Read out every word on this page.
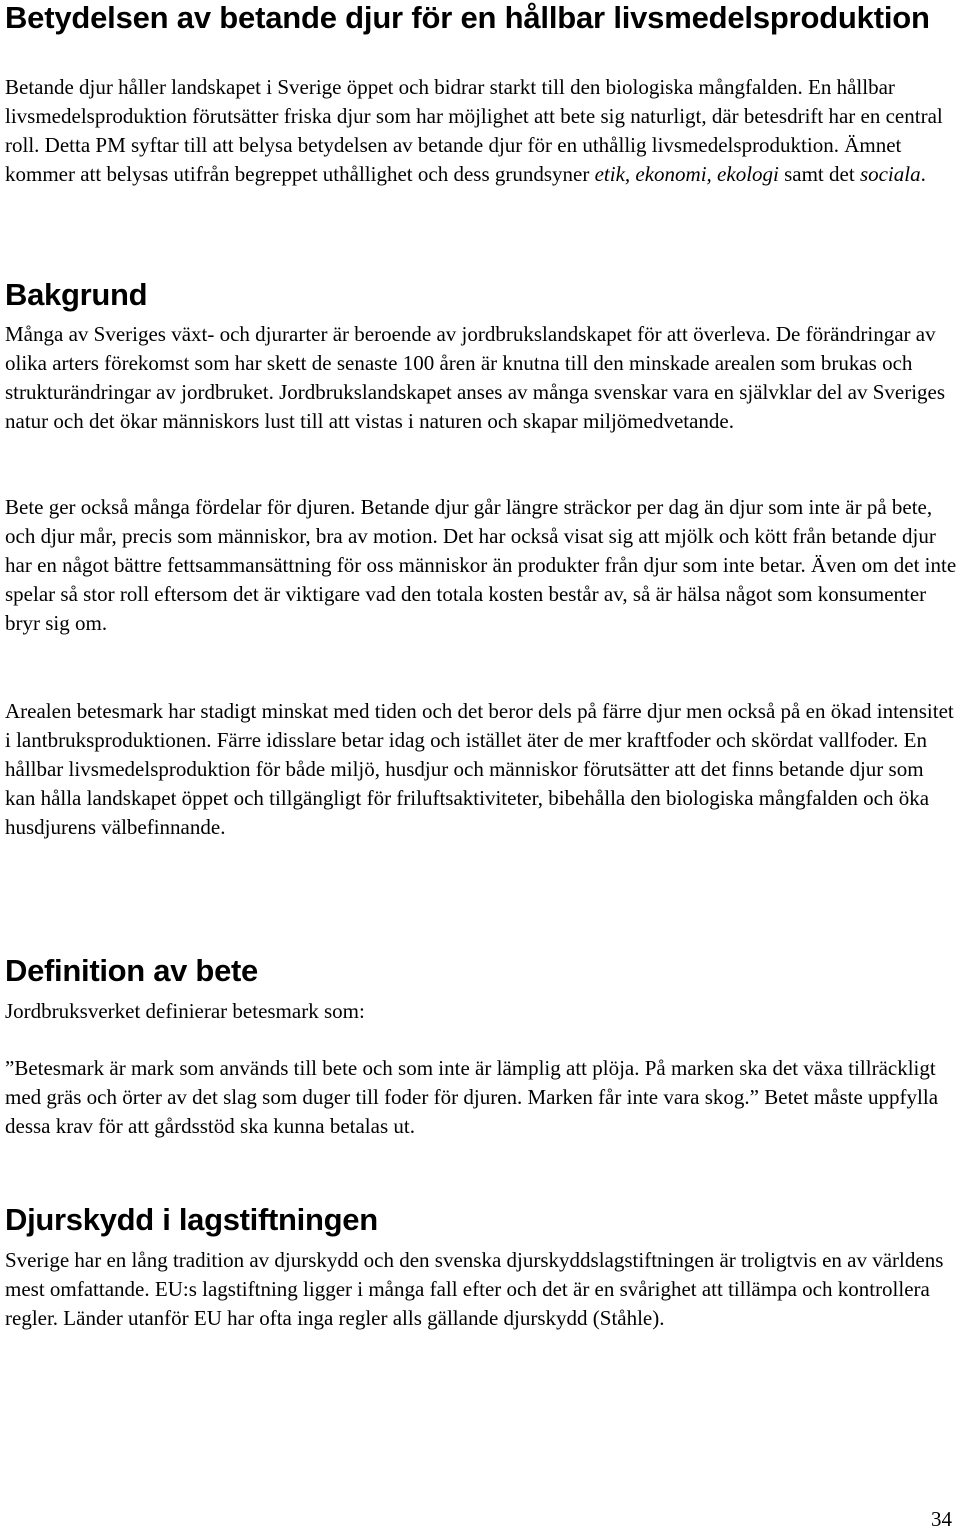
Betydelsen av betande djur för en hållbar livsmedelsproduktion

Betande djur håller landskapet i Sverige öppet och bidrar starkt till den biologiska mångfalden. En hållbar livsmedelsproduktion förutsätter friska djur som har möjlighet att bete sig naturligt, där betesdrift har en central roll. Detta PM syftar till att belysa betydelsen av betande djur för en uthållig livsmedelsproduktion. Ämnet kommer att belysas utifrån begreppet uthållighet och dess grundsyner etik, ekonomi, ekologi samt det sociala.

Bakgrund

Många av Sveriges växt- och djurarter är beroende av jordbrukslandskapet för att överleva. De förändringar av olika arters förekomst som har skett de senaste 100 åren är knutna till den minskade arealen som brukas och strukturändringar av jordbruket. Jordbrukslandskapet anses av många svenskar vara en självklar del av Sveriges natur och det ökar människors lust till att vistas i naturen och skapar miljömedvetande.

Bete ger också många fördelar för djuren. Betande djur går längre sträckor per dag än djur som inte är på bete, och djur mår, precis som människor, bra av motion. Det har också visat sig att mjölk och kött från betande djur har en något bättre fettsammansättning för oss människor än produkter från djur som inte betar. Även om det inte spelar så stor roll eftersom det är viktigare vad den totala kosten består av, så är hälsa något som konsumenter bryr sig om.

Arealen betesmark har stadigt minskat med tiden och det beror dels på färre djur men också på en ökad intensitet i lantbruksproduktionen. Färre idisslare betar idag och istället äter de mer kraftfoder och skördat vallfoder. En hållbar livsmedelsproduktion för både miljö, husdjur och människor förutsätter att det finns betande djur som kan hålla landskapet öppet och tillgängligt för friluftsaktiviteter, bibehålla den biologiska mångfalden och öka husdjurens välbefinnande.

Definition av bete

Jordbruksverket definierar betesmark som:

”Betesmark är mark som används till bete och som inte är lämplig att plöja. På marken ska det växa tillräckligt med gräs och örter av det slag som duger till foder för djuren. Marken får inte vara skog.” Betet måste uppfylla dessa krav för att gårdsstöd ska kunna betalas ut.

Djurskydd i lagstiftningen

Sverige har en lång tradition av djurskydd och den svenska djurskyddslagstiftningen är troligtvis en av världens mest omfattande. EU:s lagstiftning ligger i många fall efter och det är en svårighet att tillämpa och kontrollera regler. Länder utanför EU har ofta inga regler alls gällande djurskydd (Ståhle).

34
